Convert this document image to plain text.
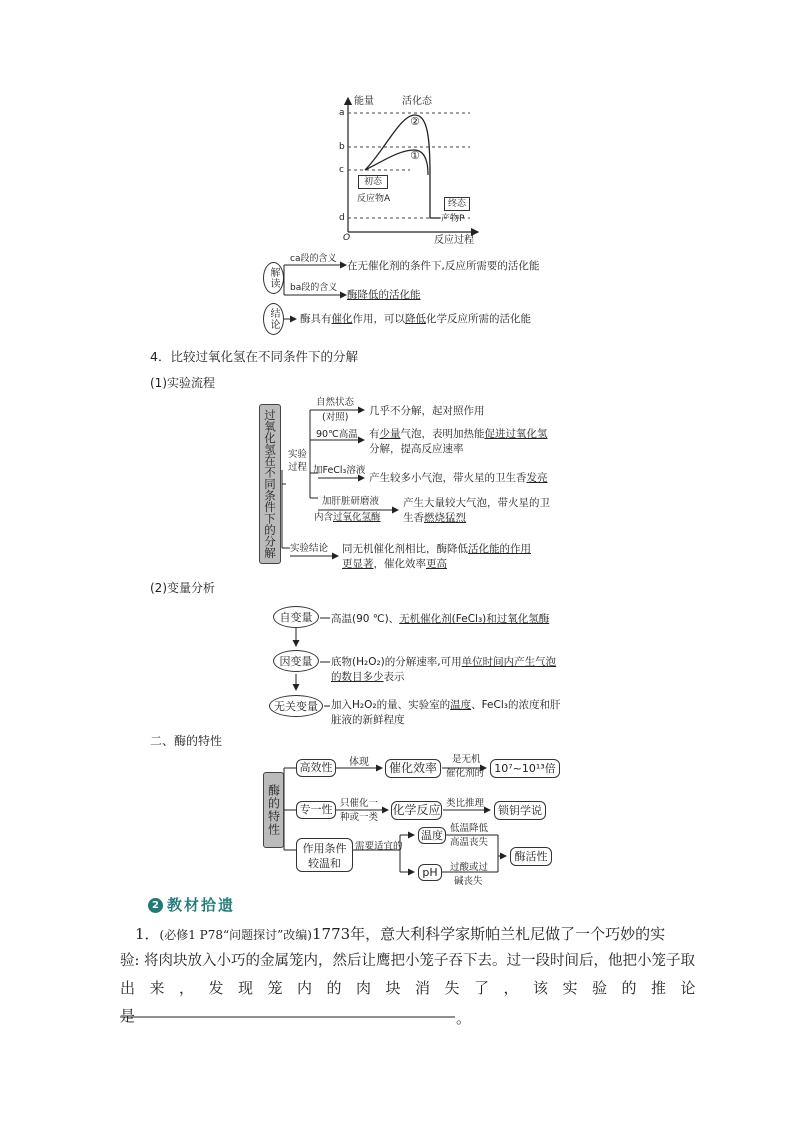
能量	活化态
a
b
c
d
O	反应过程
②
①
初态
反应物A	终态
产物P
解读
ca段的含义
在无催化剂的条件下,反应所需要的活化能
ba段的含义
酶降低的活化能
结论 酶具有催化作用，可以降低化学反应所需的活化能
4．比较过氧化氢在不同条件下的分解
(1)实验流程
过氧化氢在不同条件下的分解 实验
过程
自然状态
(对照)
几乎不分解，起对照作用
90℃高温 有少量气泡，表明加热能促进过氧化氢
分解，提高反应速率
加FeCl₃溶液
产生较多小气泡，带火星的卫生香发亮
加肝脏研磨液
内含过氧化氢酶
产生大量较大气泡，带火星的卫
生香燃烧猛烈
实验结论 同无机催化剂相比，酶降低活化能的作用
更显著，催化效率更高
(2)变量分析
自变量	高温(90 ℃)、无机催化剂(FeCl₃)和过氧化氢酶
因变量	底物(H₂O₂)的分解速率,可用单位时间内产生气泡
的数目多少表示
无关变量	加入H₂O₂的量、实验室的温度、FeCl₃的浓度和肝
脏液的新鲜程度
二、酶的特性
酶的特性
高效性	体现	催化效率
是无机
催化剂的 10⁷~10¹³倍
专一性 只催化一
种或一类
化学反应 类比推理
锁钥学说
作用条件
较温和
需要适宜的
温度
低温降低
高温丧失
pH	过酸或过
碱丧失
酶活性
2 教材拾遗
1．(必修1 P78“问题探讨”改编)1773年，意大利科学家斯帕兰札尼做了一个巧妙的实
验: 将肉块放入小巧的金属笼内，然后让鹰把小笼子吞下去。过一段时间后，他把小笼子取
出来，发现笼内的肉块消失了，该实验的推论是	。
